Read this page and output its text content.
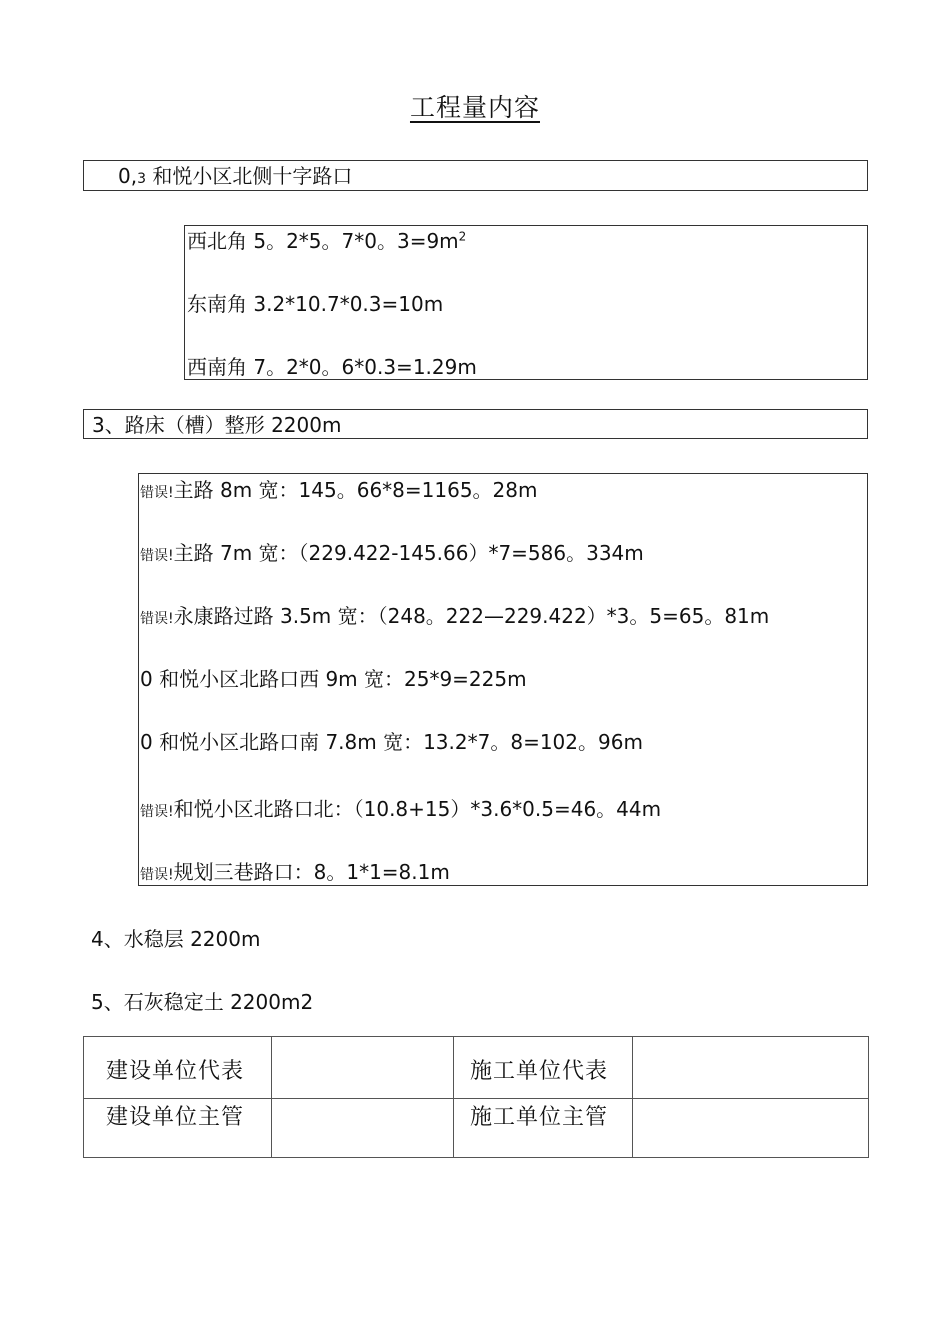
工程量内容
0,3 和悦小区北侧十字路口
西北角 5。2*5。7*0。$3=9m^2$
东南角 3.2*10.7*0.3=10m
西南角 7。2*0。6*0.3=1.29m
3、路床（槽）整形 2200m
错误!主路 8m 宽：145。66*8=1165。28m
错误!主路 7m 宽：（229.422-145.66）*7=586。334m
错误!永康路过路 3.5m 宽：（248。222—229.422）*3。5=65。81m
0 和悦小区北路口西 9m 宽：25*9=225m
0 和悦小区北路口南 7.8m 宽：13.2*7。8=102。96m
错误!和悦小区北路口北：（10.8+15）*3.6*0.5=46。44m
错误!规划三巷路口：8。1*1=8.1m
4、水稳层 2200m
5、石灰稳定土 2200m2
建设单位代表		施工单位代表	

建设单位主管		施工单位主管	
